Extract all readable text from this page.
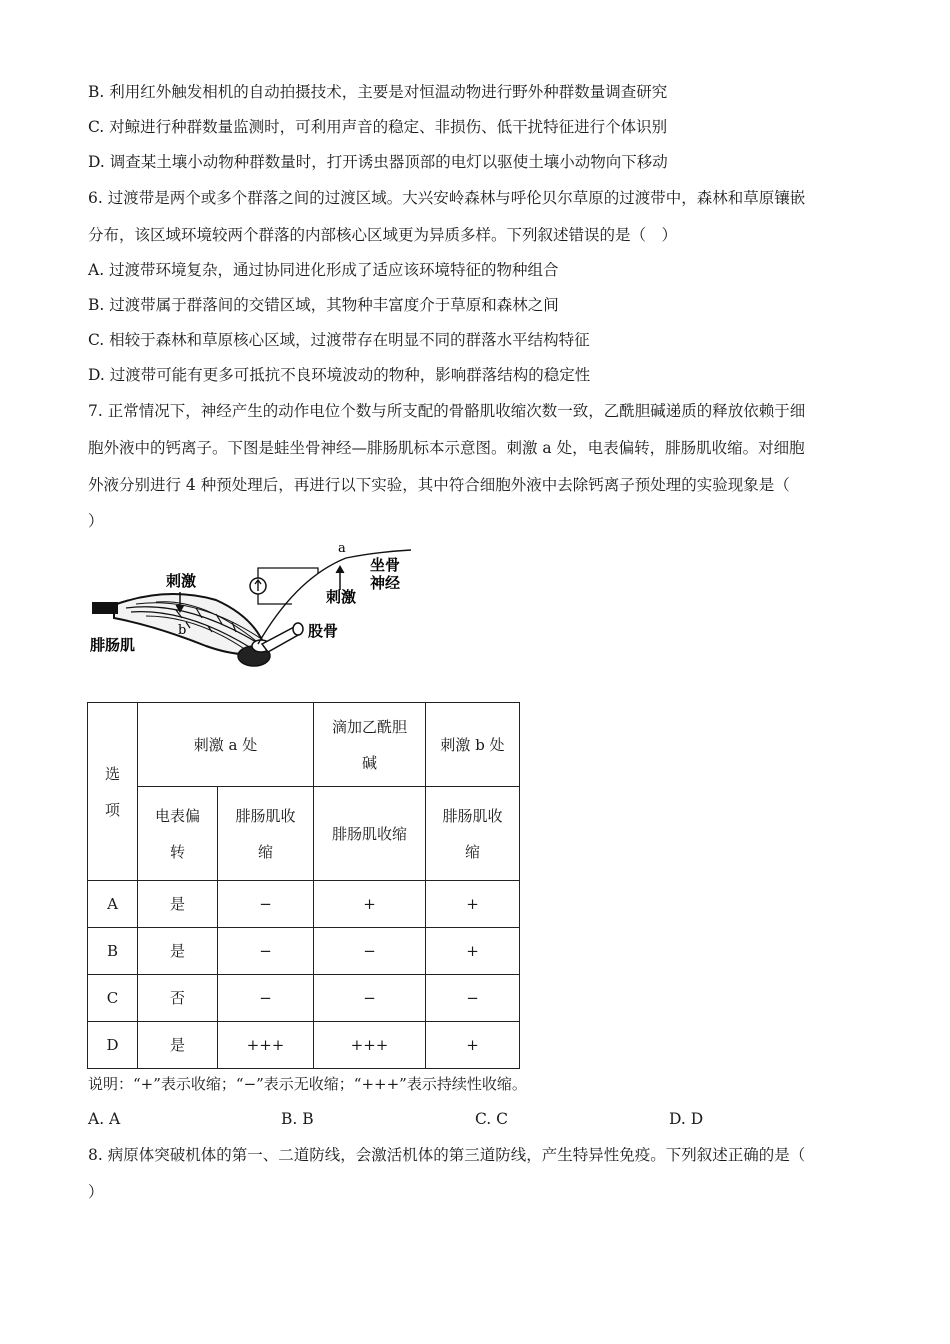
B. 利用红外触发相机的自动拍摄技术，主要是对恒温动物进行野外种群数量调查研究
C. 对鲸进行种群数量监测时，可利用声音的稳定、非损伤、低干扰特征进行个体识别
D. 调查某土壤小动物种群数量时，打开诱虫器顶部的电灯以驱使土壤小动物向下移动
6. 过渡带是两个或多个群落之间的过渡区域。大兴安岭森林与呼伦贝尔草原的过渡带中，森林和草原镶嵌
分布，该区域环境较两个群落的内部核心区域更为异质多样。下列叙述错误的是（　）
A. 过渡带环境复杂，通过协同进化形成了适应该环境特征的物种组合
B. 过渡带属于群落间的交错区域，其物种丰富度介于草原和森林之间
C. 相较于森林和草原核心区域，过渡带存在明显不同的群落水平结构特征
D. 过渡带可能有更多可抵抗不良环境波动的物种，影响群落结构的稳定性
7. 正常情况下，神经产生的动作电位个数与所支配的骨骼肌收缩次数一致，乙酰胆碱递质的释放依赖于细
胞外液中的钙离子。下图是蛙坐骨神经—腓肠肌标本示意图。刺激 a 处，电表偏转，腓肠肌收缩。对细胞
外液分别进行 4 种预处理后，再进行以下实验，其中符合细胞外液中去除钙离子预处理的实验现象是（
）
刺激
b
腓肠肌
a
刺激
坐骨
神经
股骨
选项	刺激 a 处		滴加乙酰胆碱	刺激 b 处

	电表偏转	腓肠肌收缩	腓肠肌收缩	腓肠肌收缩

A	是	−	+	+
B	是	−	−	+
C	否	−	−	−
D	是	+++	+++	+
说明：“+”表示收缩；“−”表示无收缩；“+++”表示持续性收缩。
A. A	B. B	C. C	D. D
8. 病原体突破机体的第一、二道防线，会激活机体的第三道防线，产生特异性免疫。下列叙述正确的是（
）
